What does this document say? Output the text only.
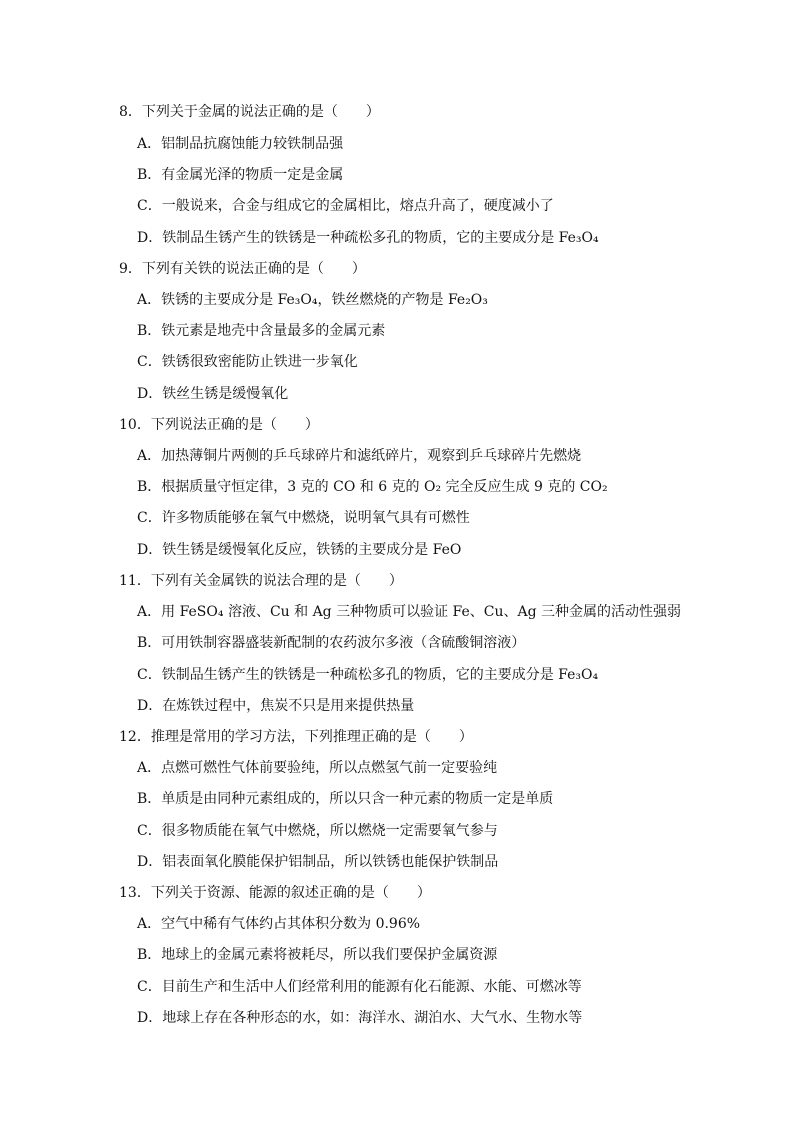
8．下列关于金属的说法正确的是（　　）
A．铝制品抗腐蚀能力较铁制品强
B．有金属光泽的物质一定是金属
C．一般说来，合金与组成它的金属相比，熔点升高了，硬度减小了
D．铁制品生锈产生的铁锈是一种疏松多孔的物质，它的主要成分是 Fe₃O₄
9．下列有关铁的说法正确的是（　　）
A．铁锈的主要成分是 Fe₃O₄，铁丝燃烧的产物是 Fe₂O₃
B．铁元素是地壳中含量最多的金属元素
C．铁锈很致密能防止铁进一步氧化
D．铁丝生锈是缓慢氧化
10．下列说法正确的是（　　）
A．加热薄铜片两侧的乒乓球碎片和滤纸碎片，观察到乒乓球碎片先燃烧
B．根据质量守恒定律，3 克的 CO 和 6 克的 O₂ 完全反应生成 9 克的 CO₂
C．许多物质能够在氧气中燃烧，说明氧气具有可燃性
D．铁生锈是缓慢氧化反应，铁锈的主要成分是 FeO
11．下列有关金属铁的说法合理的是（　　）
A．用 FeSO₄ 溶液、Cu 和 Ag 三种物质可以验证 Fe、Cu、Ag 三种金属的活动性强弱
B．可用铁制容器盛装新配制的农药波尔多液（含硫酸铜溶液）
C．铁制品生锈产生的铁锈是一种疏松多孔的物质，它的主要成分是 Fe₃O₄
D．在炼铁过程中，焦炭不只是用来提供热量
12．推理是常用的学习方法，下列推理正确的是（　　）
A．点燃可燃性气体前要验纯，所以点燃氢气前一定要验纯
B．单质是由同种元素组成的，所以只含一种元素的物质一定是单质
C．很多物质能在氧气中燃烧，所以燃烧一定需要氧气参与
D．铝表面氧化膜能保护铝制品，所以铁锈也能保护铁制品
13．下列关于资源、能源的叙述正确的是（　　）
A．空气中稀有气体约占其体积分数为 0.96%
B．地球上的金属元素将被耗尽，所以我们要保护金属资源
C．目前生产和生活中人们经常利用的能源有化石能源、水能、可燃冰等
D．地球上存在各种形态的水，如：海洋水、湖泊水、大气水、生物水等
